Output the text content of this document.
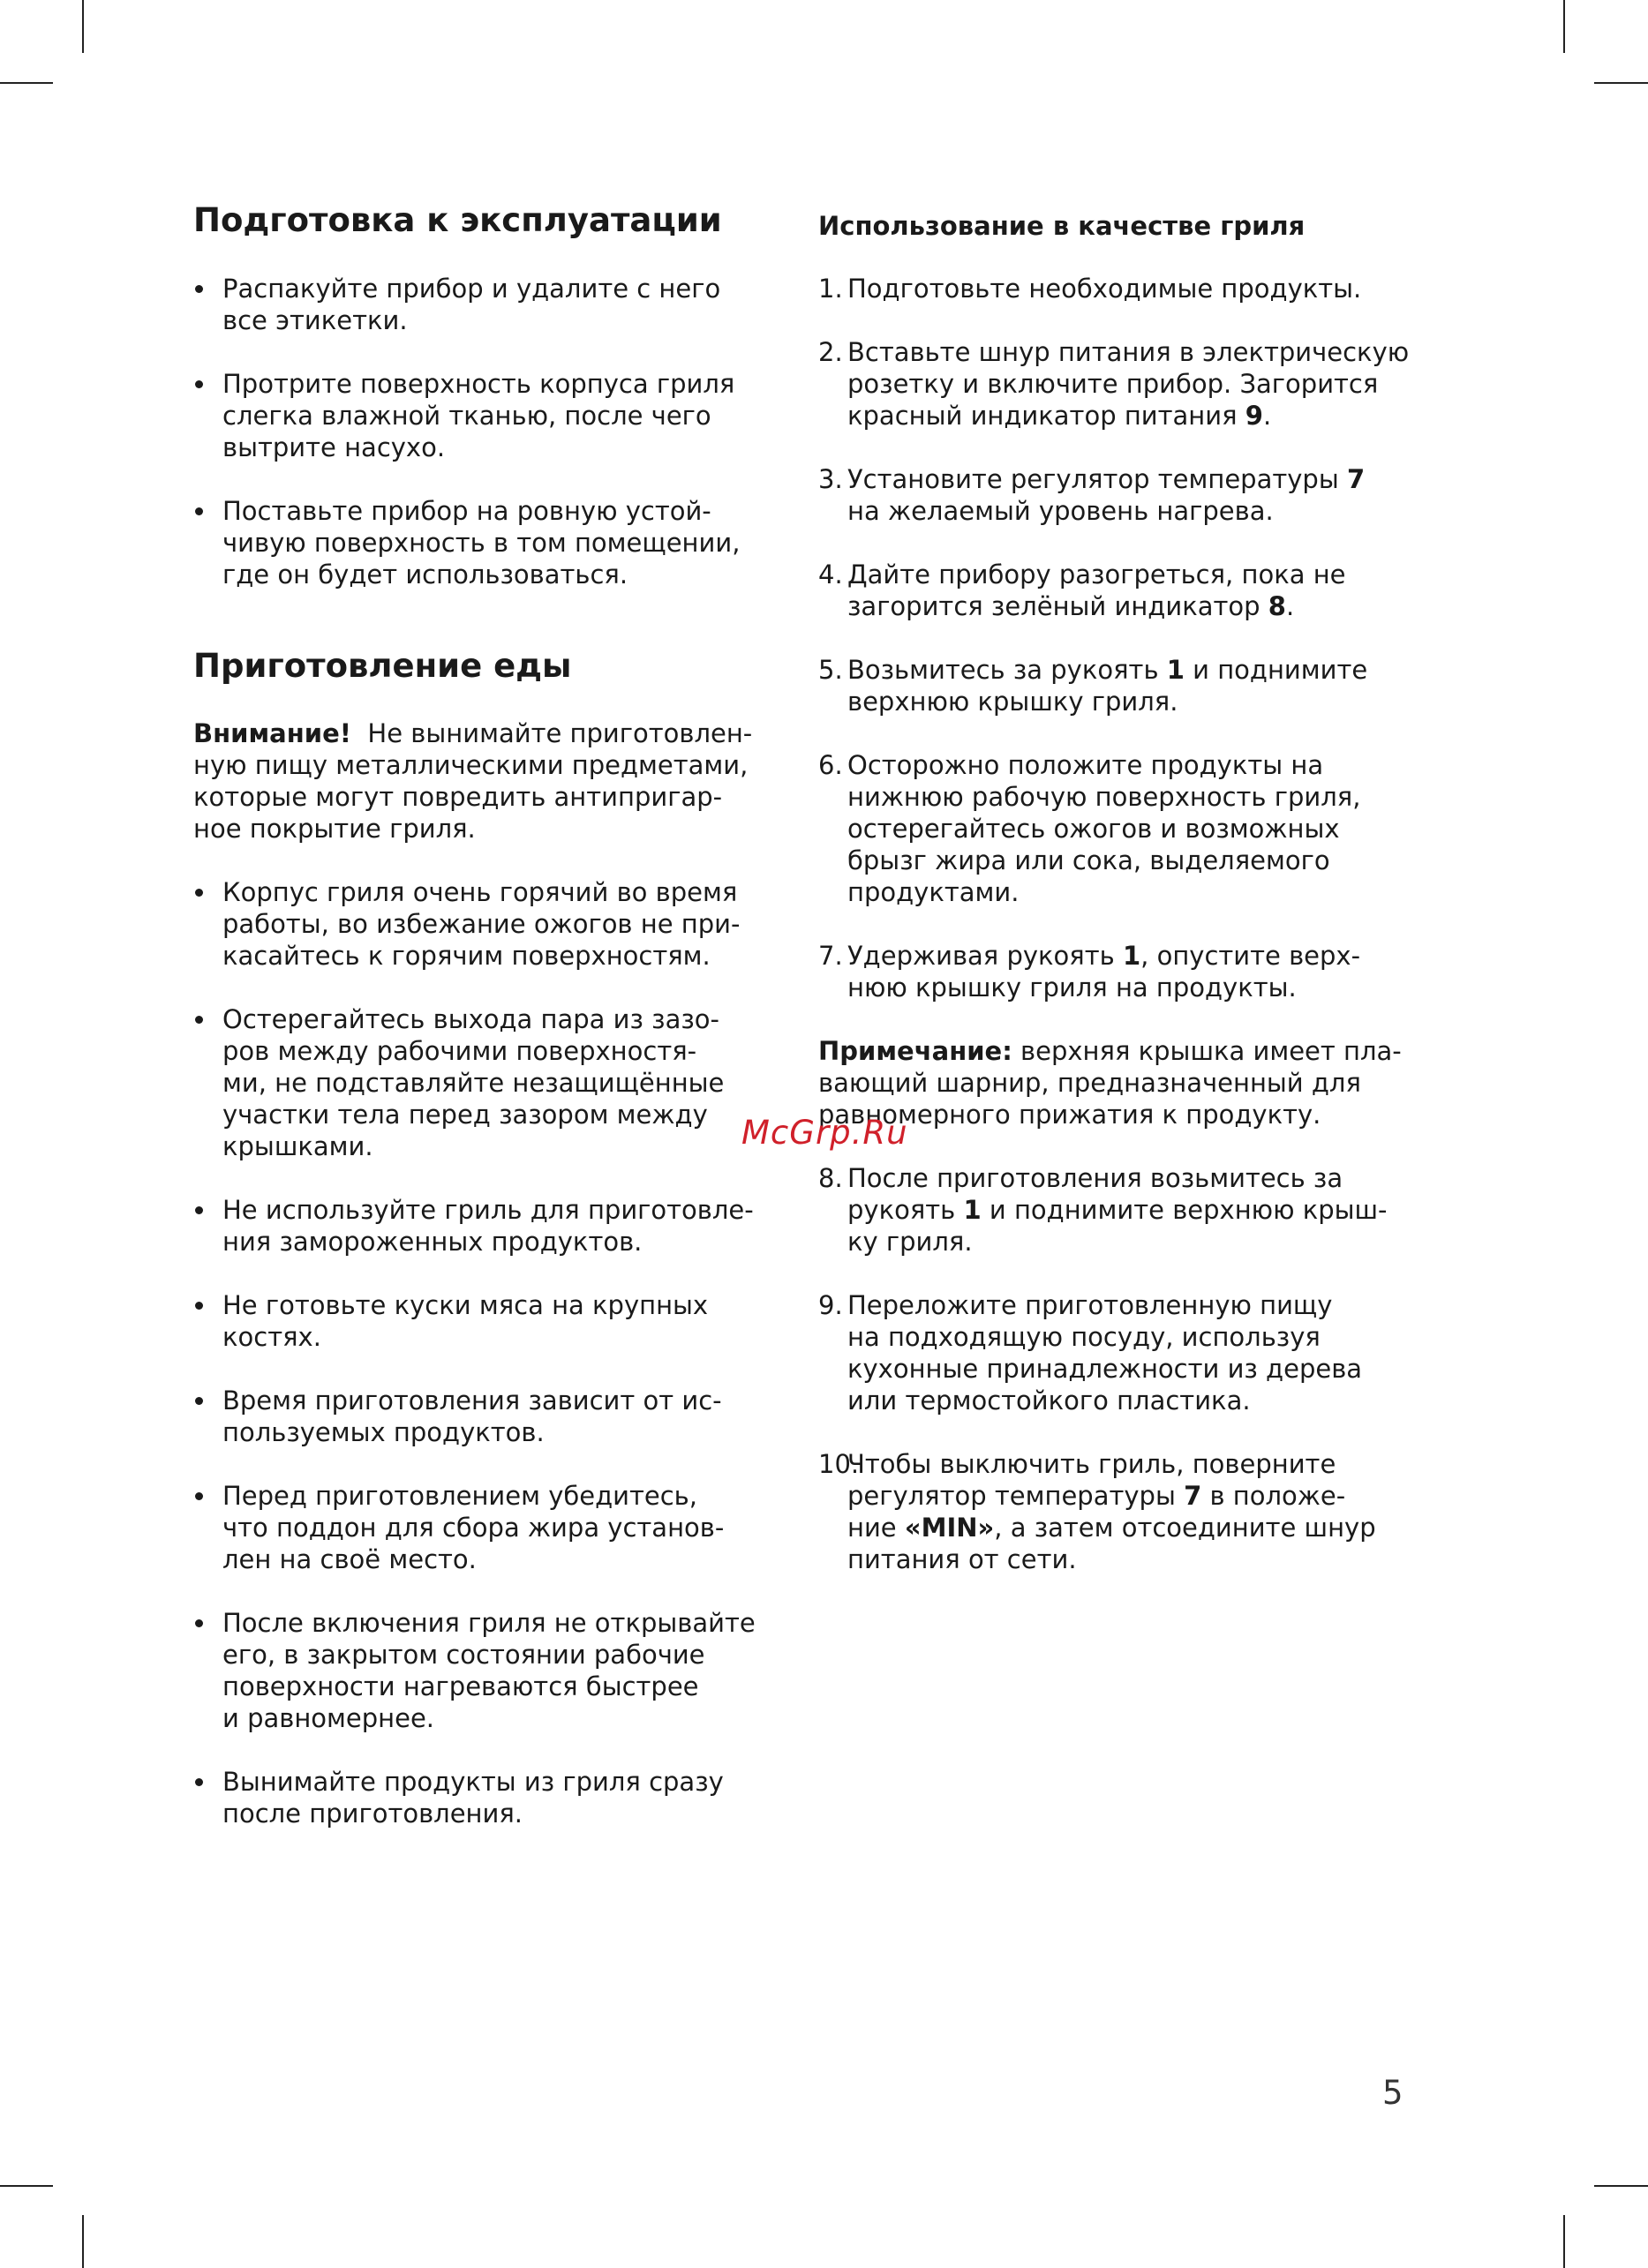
Подготовка к эксплуатации

Распакуйте прибор и удалите с него

все этикетки.

Протрите поверхность корпуса гриля

слегка влажной тканью, после чего

вытрите насухо.

Поставьте прибор на ровную устой-

чивую поверхность в том помещении,

где он будет использоваться.

Приготовление еды

Внимание!  Не вынимайте приготовлен-

ную пищу металлическими предметами,

которые могут повредить антипригар-

ное покрытие гриля.

Корпус гриля очень горячий во время

работы, во избежание ожогов не при-

касайтесь к горячим поверхностям.

Остерегайтесь выхода пара из зазо-

ров между рабочими поверхностя-

ми, не подставляйте незащищённые

участки тела перед зазором между

крышками.

Не используйте гриль для приготовле-

ния замороженных продуктов.

Не готовьте куски мяса на крупных

костях.

Время приготовления зависит от ис-

пользуемых продуктов.

Перед приготовлением убедитесь,

что поддон для сбора жира установ-

лен на своё место.

После включения гриля не открывайте

его, в закрытом состоянии рабочие

поверхности нагреваются быстрее

и равномернее.

Вынимайте продукты из гриля сразу

после приготовления.

Использование в качестве гриля
1. Подготовьте необходимые продукты.

2. Вставьте шнур питания в электрическую

розетку и включите прибор. Загорится

красный индикатор питания 9.

3. Установите регулятор температуры 7

на желаемый уровень нагрева.

4. Дайте прибору разогреться, пока не

загорится зелёный индикатор 8.

5. Возьмитесь за рукоять 1 и поднимите

верхнюю крышку гриля.

6. Осторожно положите продукты на

нижнюю рабочую поверхность гриля,

остерегайтесь ожогов и возможных

брызг жира или сока, выделяемого

продуктами.

7. Удерживая рукоять 1, опустите верх-

нюю крышку гриля на продукты.

Примечание: верхняя крышка имеет пла-

вающий шарнир, предназначенный для

равномерного прижатия к продукту.

8. После приготовления возьмитесь за

рукоять 1 и поднимите верхнюю крыш-

ку гриля.

9. Переложите приготовленную пищу

на подходящую посуду, используя

кухонные принадлежности из дерева

или термостойкого пластика.

10.

Чтобы выключить гриль, поверните

регулятор температуры 7 в положе-

ние «MIN», а затем отсоедините шнур

питания от сети.

McGrp.Ru
5
